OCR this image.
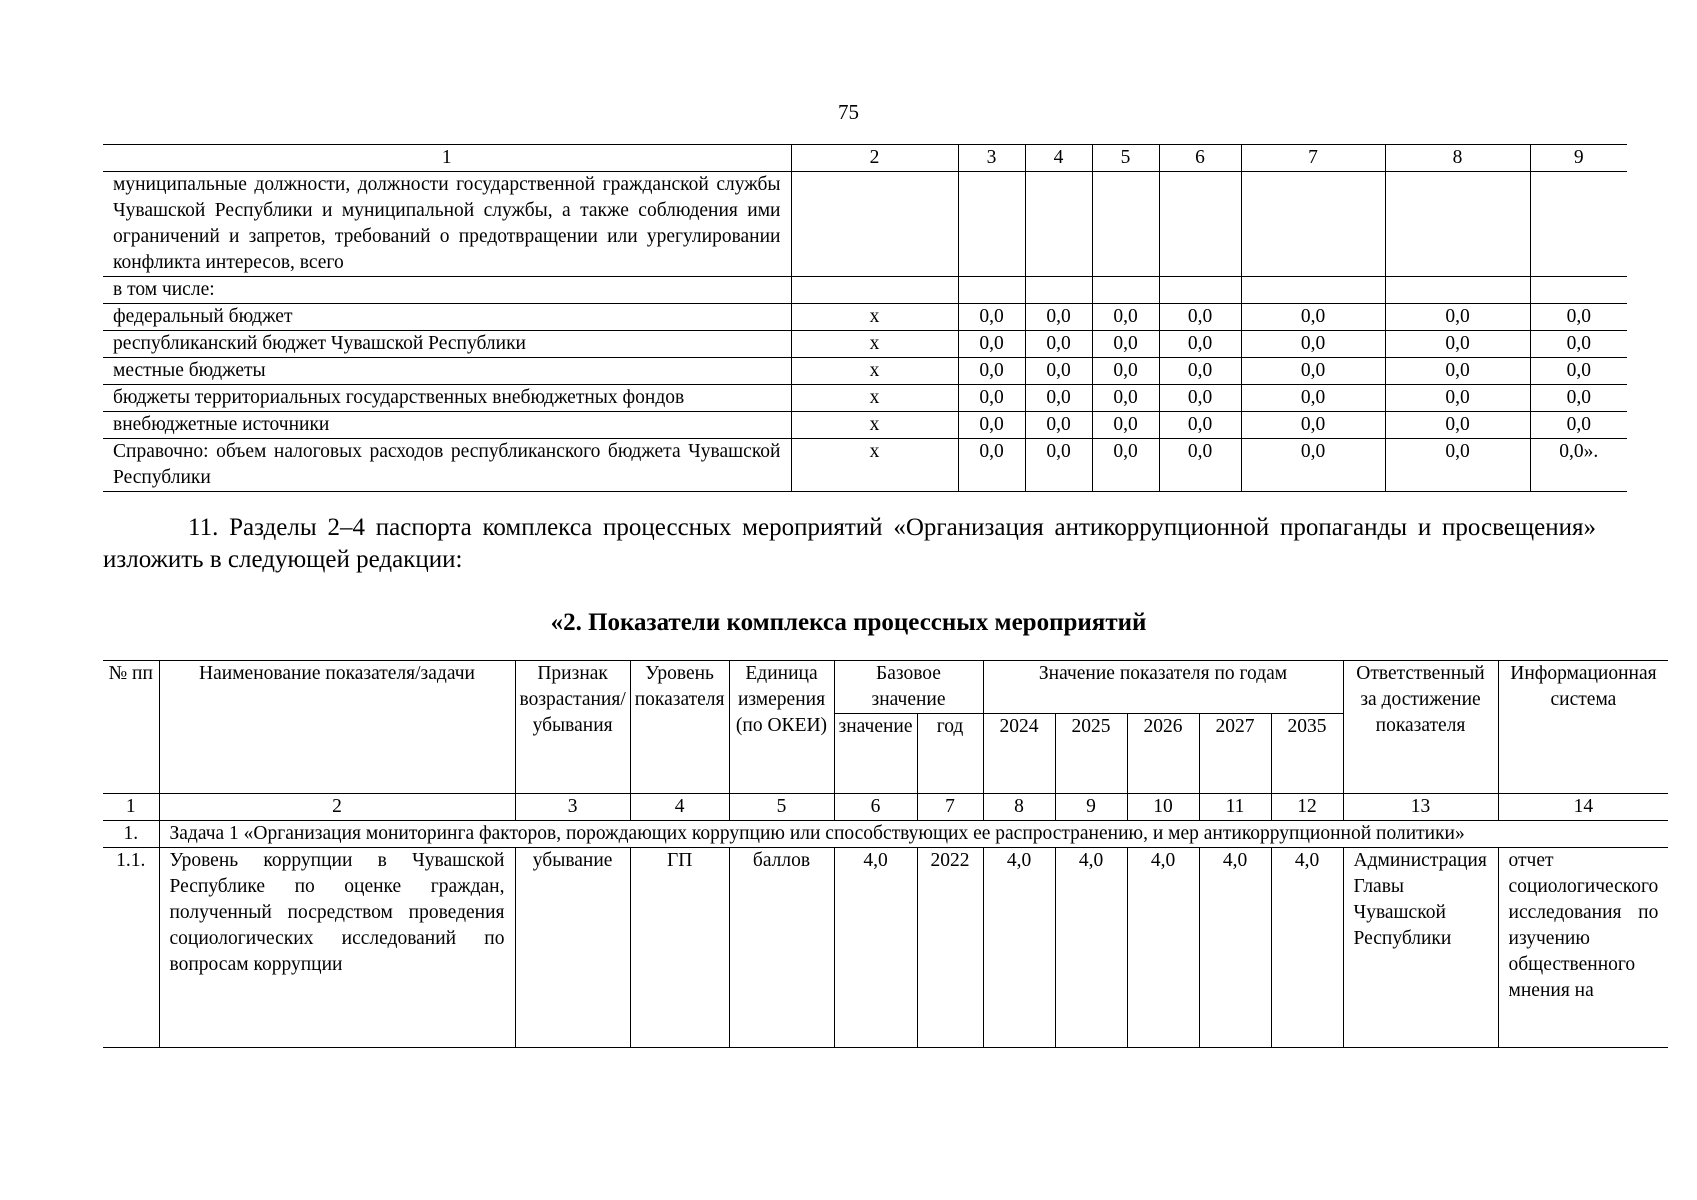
75
1	2	3	4	5	6	7	8	9
муниципальные должности, должности государственной гражданской службы Чувашской Республики и муниципальной службы, а также соблюдения ими ограничений и запретов, требований о предотвращении или урегулировании конфликта интересов, всего								
в том числе:								
федеральный бюджет	х	0,0	0,0	0,0	0,0	0,0	0,0	0,0
республиканский бюджет Чувашской Республики	х	0,0	0,0	0,0	0,0	0,0	0,0	0,0
местные бюджеты	х	0,0	0,0	0,0	0,0	0,0	0,0	0,0
бюджеты территориальных государственных внебюджетных фондов	х	0,0	0,0	0,0	0,0	0,0	0,0	0,0
внебюджетные источники	х	0,0	0,0	0,0	0,0	0,0	0,0	0,0
Справочно: объем налоговых расходов республиканского бюджета Чувашской Республики	х	0,0	0,0	0,0	0,0	0,0	0,0	0,0».
11. Разделы 2–4 паспорта комплекса процессных мероприятий «Организация антикоррупционной пропаганды и просвещения» изложить в следующей редакции:
«2. Показатели комплекса процессных мероприятий
№ пп	Наименование показателя/задачи	Признак возрастания/убывания	Уровень показателя	Единица измерения (по ОКЕИ)	Базовое значение		Значение показателя по годам					Ответственный за достижение показателя	Информационная система
					значение	год	2024	2025	2026	2027	2035		
1	2	3	4	5	6	7	8	9	10	11	12	13	14
1.	Задача 1 «Организация мониторинга факторов, порождающих коррупцию или способствующих ее распространению, и мер антикоррупционной политики»												
1.1.	Уровень коррупции в Чувашской Республике по оценке граждан, полученный посредством проведения социологических исследований по вопросам коррупции	убывание	ГП	баллов	4,0	2022	4,0	4,0	4,0	4,0	4,0	Администрация Главы Чувашской Республики	отчет социологического исследования по изучению общественного мнения на
